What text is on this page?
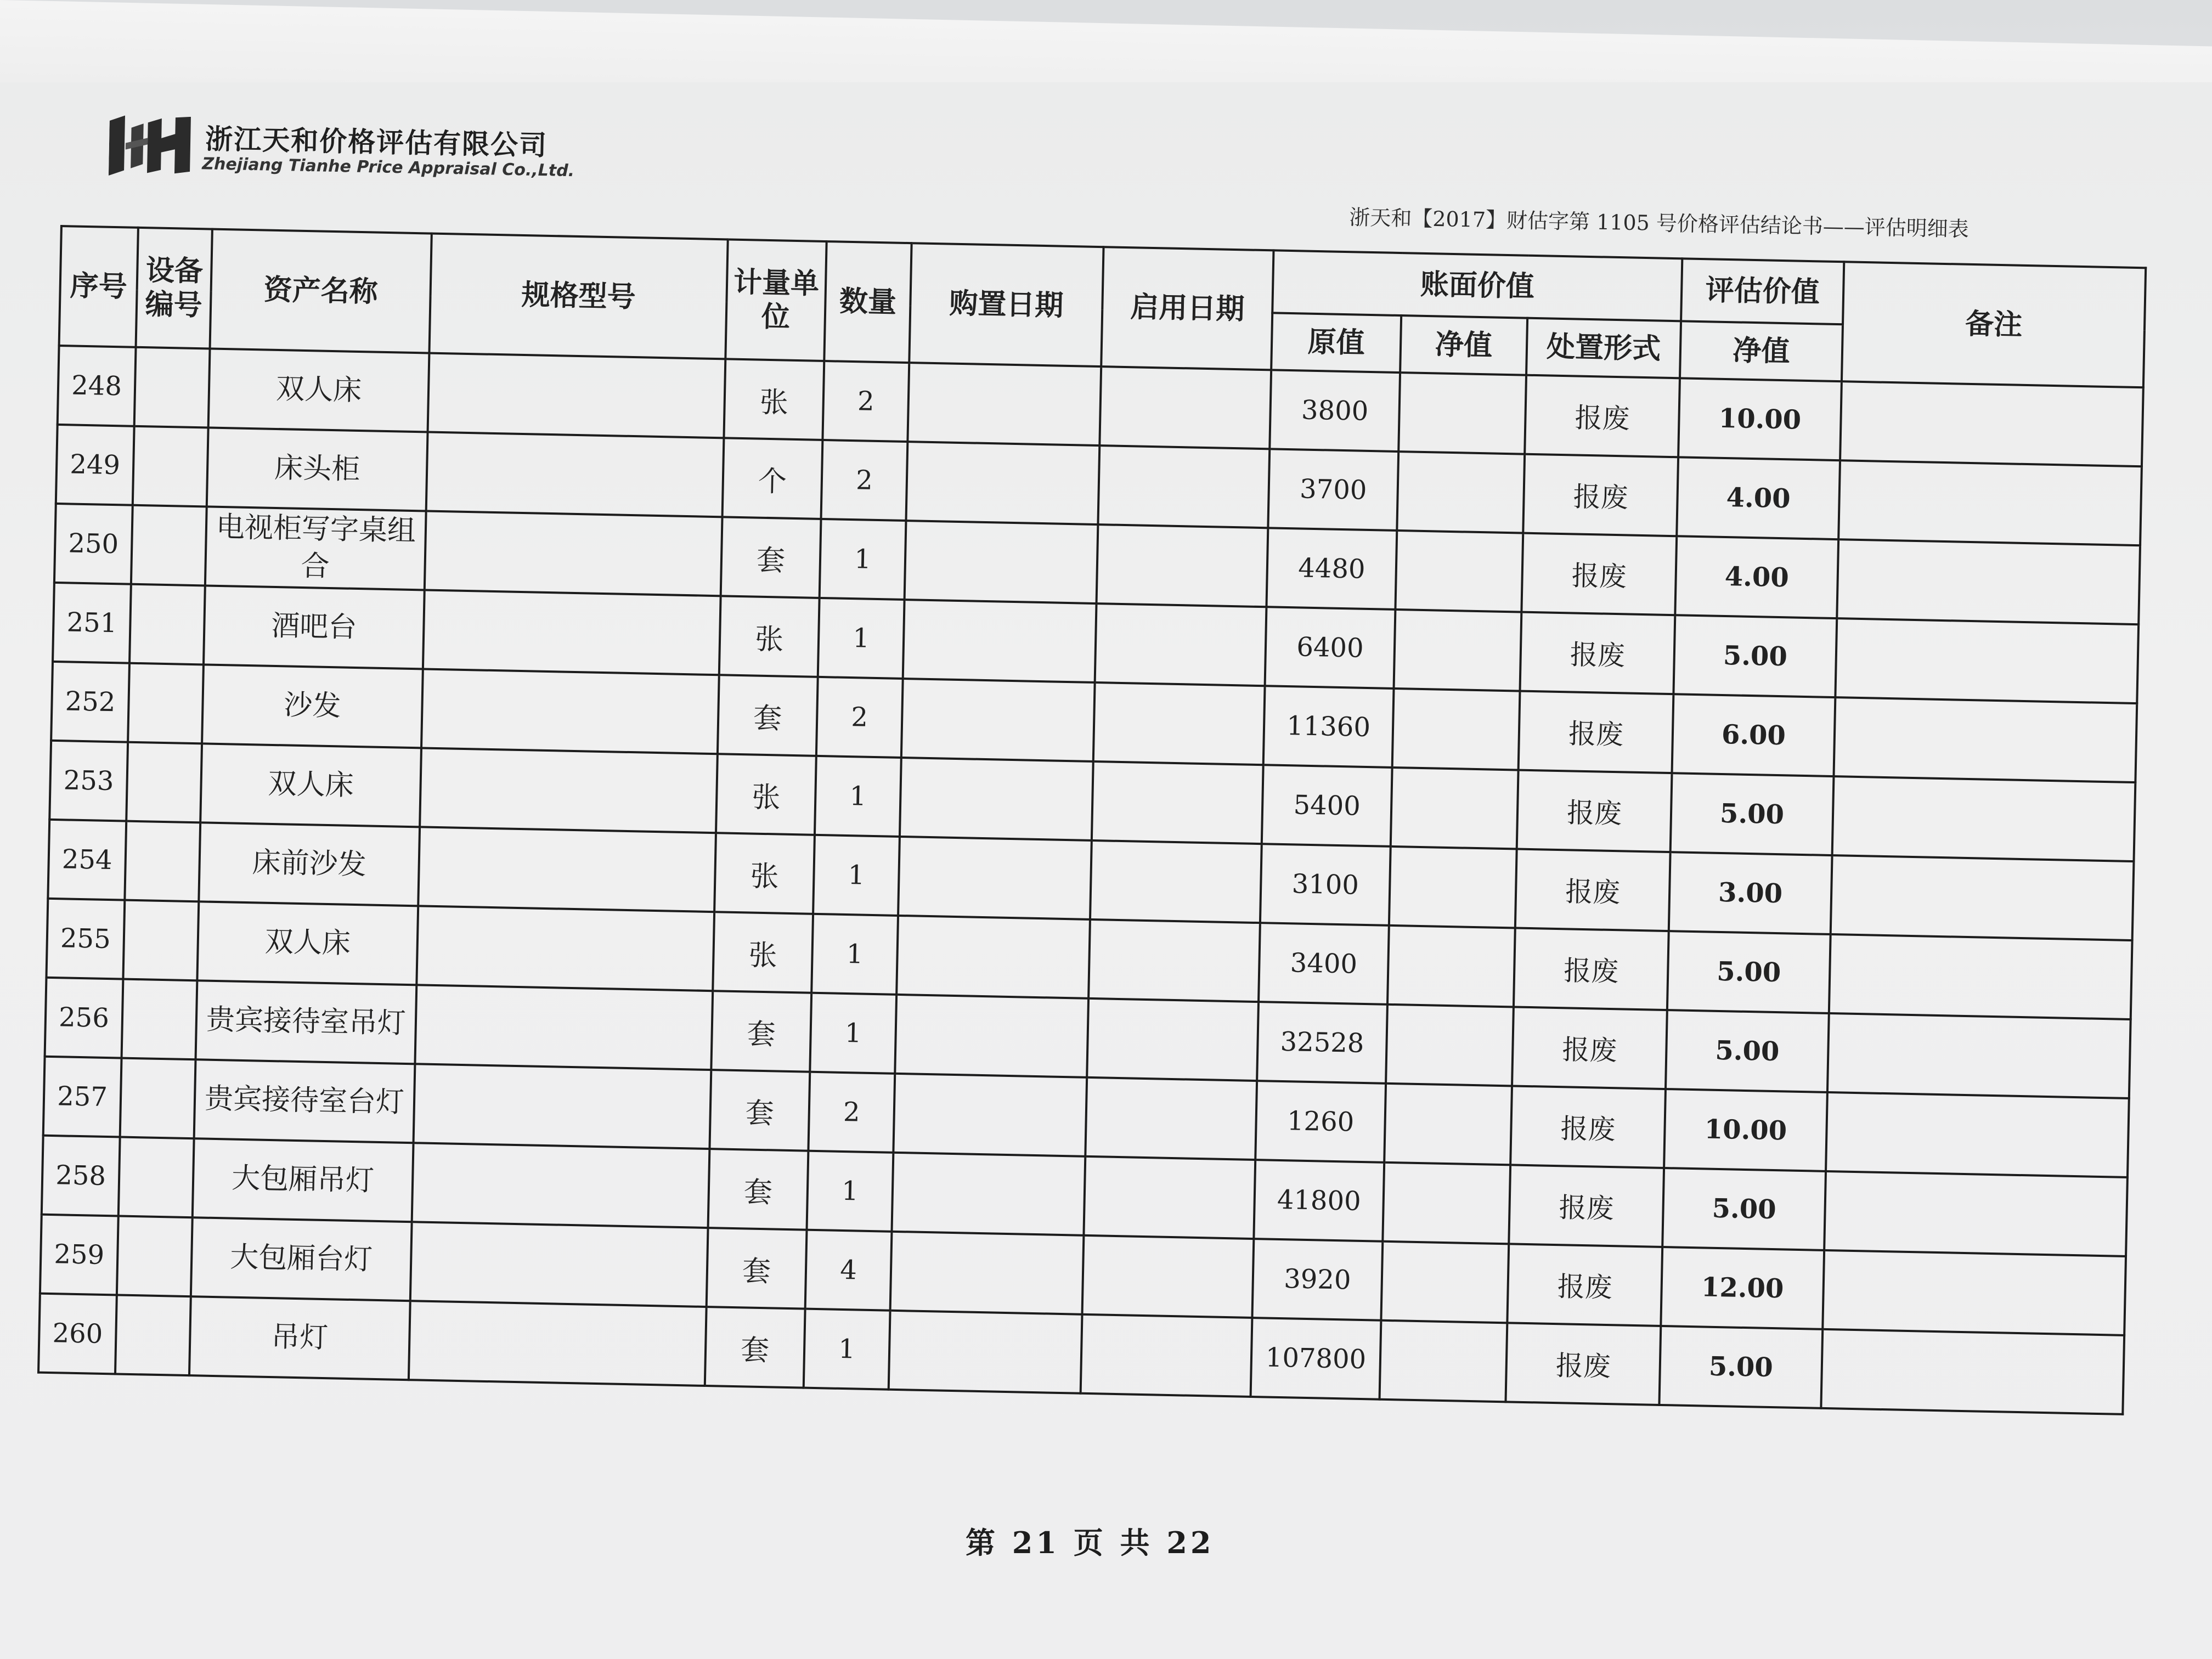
浙江天和价格评估有限公司
Zhejiang Tianhe Price Appraisal Co.,Ltd.
浙天和【2017】财估字第 1105 号价格评估结论书——评估明细表
序号	设备编号	资产名称	规格型号	计量单位	数量	购置日期	启用日期	账面价值			评估价值	备注
								原值	净值	处置形式	净值	
248		双人床		张	2			3800		报废	10.00	
249		床头柜		个	2			3700		报废	4.00	
250		电视柜写字桌组合		套	1			4480		报废	4.00	
251		酒吧台		张	1			6400		报废	5.00	
252		沙发		套	2			11360		报废	6.00	
253		双人床		张	1			5400		报废	5.00	
254		床前沙发		张	1			3100		报废	3.00	
255		双人床		张	1			3400		报废	5.00	
256		贵宾接待室吊灯		套	1			32528		报废	5.00	
257		贵宾接待室台灯		套	2			1260		报废	10.00	
258		大包厢吊灯		套	1			41800		报废	5.00	
259		大包厢台灯		套	4			3920		报废	12.00	
260		吊灯		套	1			107800		报废	5.00	
第 21 页 共 22
